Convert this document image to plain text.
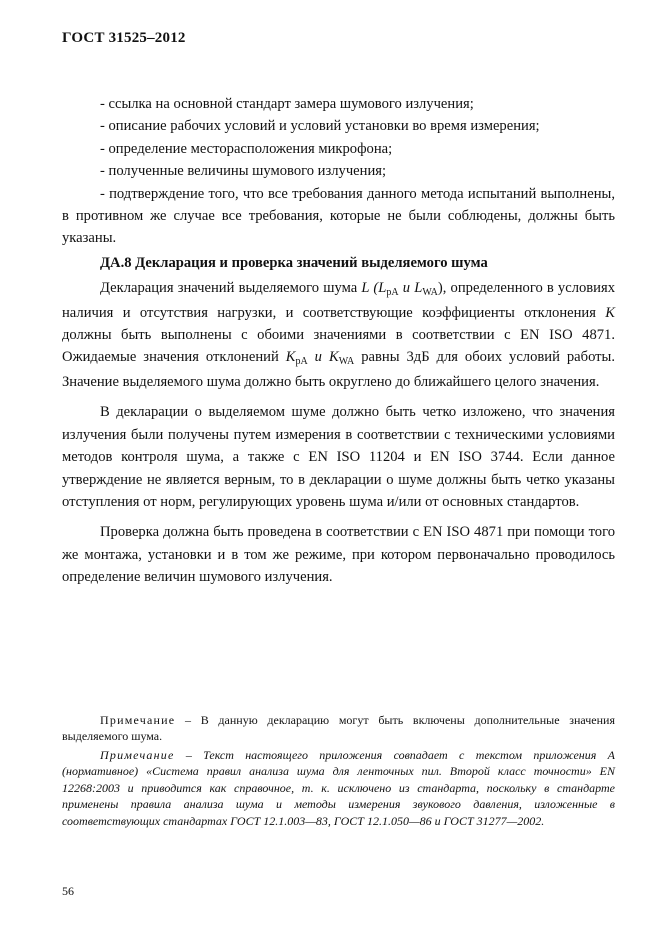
ГОСТ 31525–2012

- ссылка на основной стандарт замера шумового излучения;

- описание рабочих условий и условий установки во время измерения;

- определение месторасположения микрофона;

- полученные величины шумового излучения;

- подтверждение того, что все требования данного метода испытаний выполнены, в противном же случае все требования, которые не были соблюдены, должны быть указаны.

ДА.8 Декларация и проверка значений выделяемого шума

Декларация значений выделяемого шума L ($L_{pA}$ и $L_{WA}$), определенного в условиях наличия и отсутствия нагрузки, и соответствующие коэффициенты отклонения К должны быть выполнены с обоими значениями в соответствии с EN ISO 4871. Ожидаемые значения отклонений $K_{pA}$ и $K_{WA}$ равны 3дБ для обоих условий работы. Значение выделяемого шума должно быть округлено до ближайшего целого значения.

В декларации о выделяемом шуме должно быть четко изложено, что значения излучения были получены путем измерения в соответствии с техническими условиями методов контроля шума, а также с EN ISO 11204 и EN ISO 3744. Если данное утверждение не является верным, то в декларации о шуме должны быть четко указаны отступления от норм, регулирующих уровень шума и/или от основных стандартов.

Проверка должна быть проведена в соответствии с EN ISO 4871 при помощи того же монтажа, установки и в том же режиме, при котором первоначально проводилось определение величин шумового излучения.

Примечание – В данную декларацию могут быть включены дополнительные значения выделяемого шума.
Примечание – Текст настоящего приложения совпадает с текстом приложения А (нормативное) «Система правил анализа шума для ленточных пил. Второй класс точности» EN 12268:2003 и приводится как справочное, т. к. исключено из стандарта, поскольку в стандарте применены правила анализа шума и методы измерения звукового давления, изложенные в соответствующих стандартах ГОСТ 12.1.003—83, ГОСТ 12.1.050—86 и ГОСТ 31277—2002.
56
